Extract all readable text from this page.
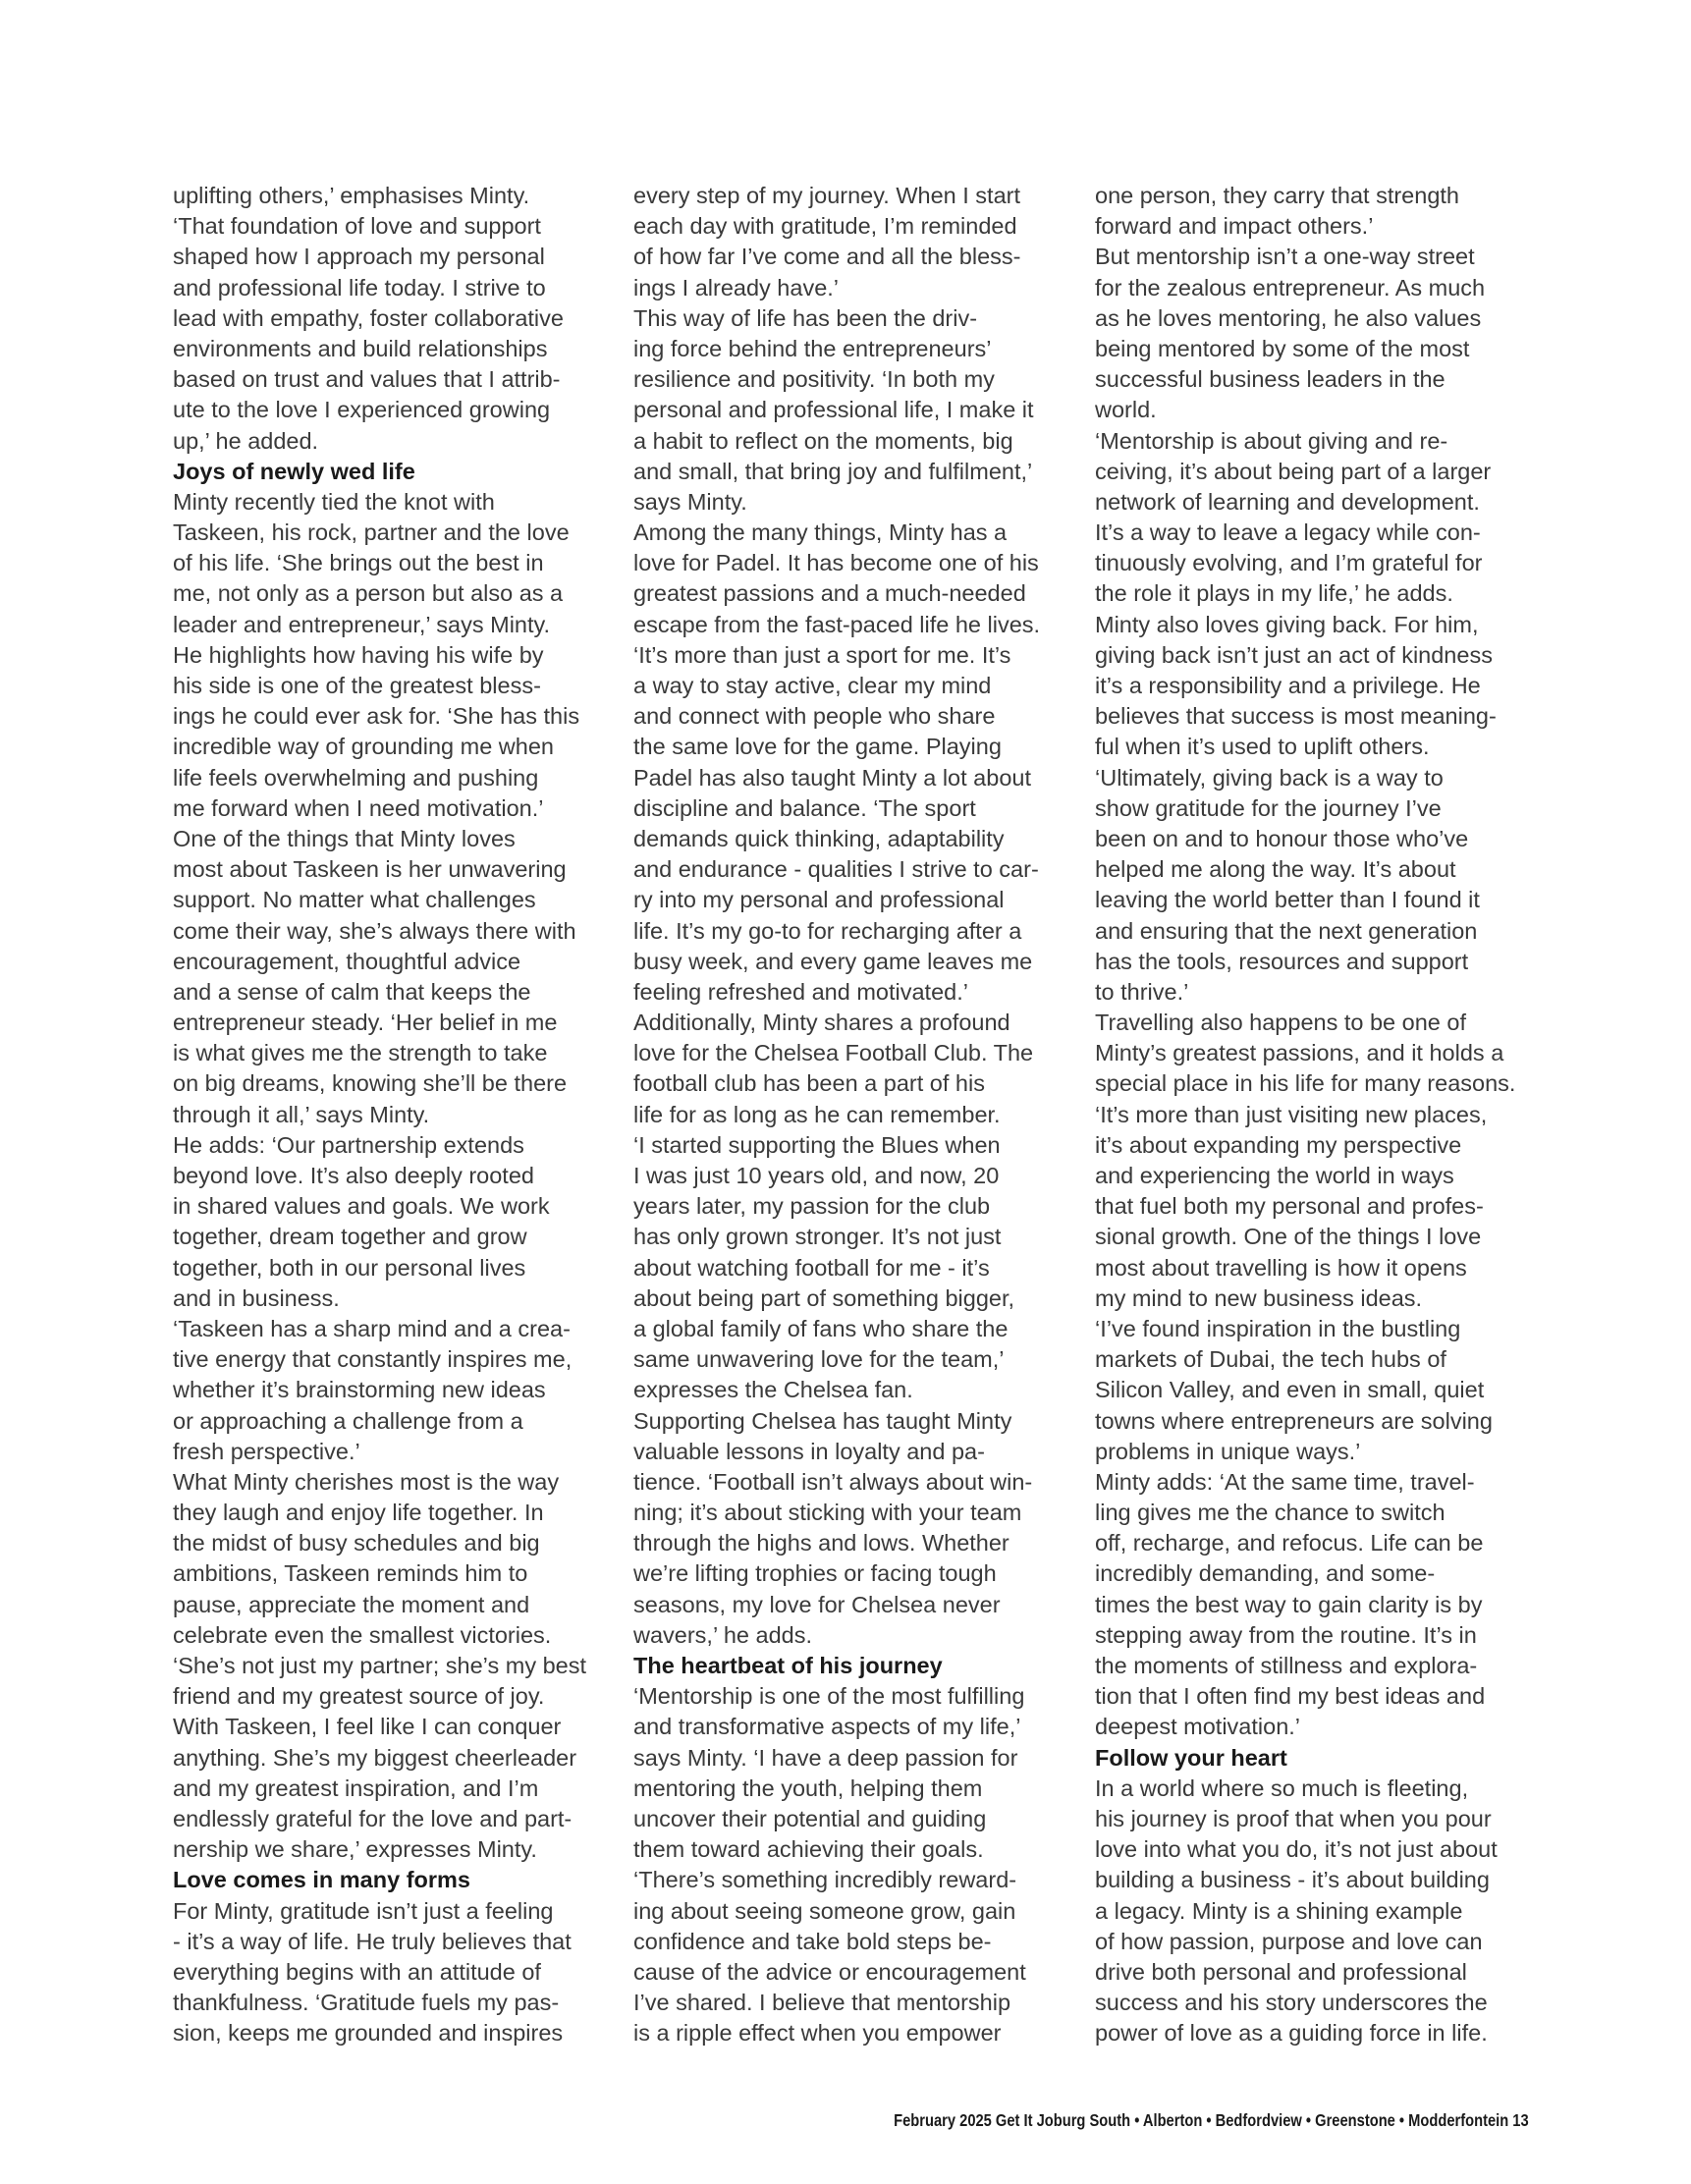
uplifting others,’ emphasises Minty.
‘That foundation of love and support
shaped how I approach my personal
and professional life today. I strive to
lead with empathy, foster collaborative
environments and build relationships
based on trust and values that I attrib-
ute to the love I experienced growing
up,’ he added.
Joys of newly wed life
Minty recently tied the knot with
Taskeen, his rock, partner and the love
of his life. ‘She brings out the best in
me, not only as a person but also as a
leader and entrepreneur,’ says Minty.
He highlights how having his wife by
his side is one of the greatest bless-
ings he could ever ask for. ‘She has this
incredible way of grounding me when
life feels overwhelming and pushing
me forward when I need motivation.’
One of the things that Minty loves
most about Taskeen is her unwavering
support. No matter what challenges
come their way, she’s always there with
encouragement, thoughtful advice
and a sense of calm that keeps the
entrepreneur steady. ‘Her belief in me
is what gives me the strength to take
on big dreams, knowing she’ll be there
through it all,’ says Minty.
He adds: ‘Our partnership extends
beyond love. It’s also deeply rooted
in shared values and goals. We work
together, dream together and grow
together, both in our personal lives
and in business.
‘Taskeen has a sharp mind and a crea-
tive energy that constantly inspires me,
whether it’s brainstorming new ideas
or approaching a challenge from a
fresh perspective.’
What Minty cherishes most is the way
they laugh and enjoy life together. In
the midst of busy schedules and big
ambitions, Taskeen reminds him to
pause, appreciate the moment and
celebrate even the smallest victories.
‘She’s not just my partner; she’s my best
friend and my greatest source of joy.
With Taskeen, I feel like I can conquer
anything. She’s my biggest cheerleader
and my greatest inspiration, and I’m
endlessly grateful for the love and part-
nership we share,’ expresses Minty.
Love comes in many forms
For Minty, gratitude isn’t just a feeling
- it’s a way of life. He truly believes that
everything begins with an attitude of
thankfulness. ‘Gratitude fuels my pas-
sion, keeps me grounded and inspires
every step of my journey. When I start
each day with gratitude, I’m reminded
of how far I’ve come and all the bless-
ings I already have.’
This way of life has been the driv-
ing force behind the entrepreneurs’
resilience and positivity. ‘In both my
personal and professional life, I make it
a habit to reflect on the moments, big
and small, that bring joy and fulfilment,’
says Minty.
Among the many things, Minty has a
love for Padel. It has become one of his
greatest passions and a much-needed
escape from the fast-paced life he lives.
‘It’s more than just a sport for me. It’s
a way to stay active, clear my mind
and connect with people who share
the same love for the game. Playing
Padel has also taught Minty a lot about
discipline and balance. ‘The sport
demands quick thinking, adaptability
and endurance - qualities I strive to car-
ry into my personal and professional
life. It’s my go-to for recharging after a
busy week, and every game leaves me
feeling refreshed and motivated.’
Additionally, Minty shares a profound
love for the Chelsea Football Club. The
football club has been a part of his
life for as long as he can remember.
‘I started supporting the Blues when
I was just 10 years old, and now, 20
years later, my passion for the club
has only grown stronger. It’s not just
about watching football for me - it’s
about being part of something bigger,
a global family of fans who share the
same unwavering love for the team,’
expresses the Chelsea fan.
Supporting Chelsea has taught Minty
valuable lessons in loyalty and pa-
tience. ‘Football isn’t always about win-
ning; it’s about sticking with your team
through the highs and lows. Whether
we’re lifting trophies or facing tough
seasons, my love for Chelsea never
wavers,’ he adds.
The heartbeat of his journey
‘Mentorship is one of the most fulfilling
and transformative aspects of my life,’
says Minty. ‘I have a deep passion for
mentoring the youth, helping them
uncover their potential and guiding
them toward achieving their goals.
‘There’s something incredibly reward-
ing about seeing someone grow, gain
confidence and take bold steps be-
cause of the advice or encouragement
I’ve shared. I believe that mentorship
is a ripple effect when you empower
one person, they carry that strength
forward and impact others.’
But mentorship isn’t a one-way street
for the zealous entrepreneur. As much
as he loves mentoring, he also values
being mentored by some of the most
successful business leaders in the
world.
‘Mentorship is about giving and re-
ceiving, it’s about being part of a larger
network of learning and development.
It’s a way to leave a legacy while con-
tinuously evolving, and I’m grateful for
the role it plays in my life,’ he adds.
Minty also loves giving back. For him,
giving back isn’t just an act of kindness
it’s a responsibility and a privilege. He
believes that success is most meaning-
ful when it’s used to uplift others.
‘Ultimately, giving back is a way to
show gratitude for the journey I’ve
been on and to honour those who’ve
helped me along the way. It’s about
leaving the world better than I found it
and ensuring that the next generation
has the tools, resources and support
to thrive.’
Travelling also happens to be one of
Minty’s greatest passions, and it holds a
special place in his life for many reasons.
‘It’s more than just visiting new places,
it’s about expanding my perspective
and experiencing the world in ways
that fuel both my personal and profes-
sional growth. One of the things I love
most about travelling is how it opens
my mind to new business ideas.
‘I’ve found inspiration in the bustling
markets of Dubai, the tech hubs of
Silicon Valley, and even in small, quiet
towns where entrepreneurs are solving
problems in unique ways.’
Minty adds: ‘At the same time, travel-
ling gives me the chance to switch
off, recharge, and refocus. Life can be
incredibly demanding, and some-
times the best way to gain clarity is by
stepping away from the routine. It’s in
the moments of stillness and explora-
tion that I often find my best ideas and
deepest motivation.’
Follow your heart
In a world where so much is fleeting,
his journey is proof that when you pour
love into what you do, it’s not just about
building a business - it’s about building
a legacy. Minty is a shining example
of how passion, purpose and love can
drive both personal and professional
success and his story underscores the
power of love as a guiding force in life.
February 2025 Get It Joburg South • Alberton • Bedfordview • Greenstone • Modderfontein 13
